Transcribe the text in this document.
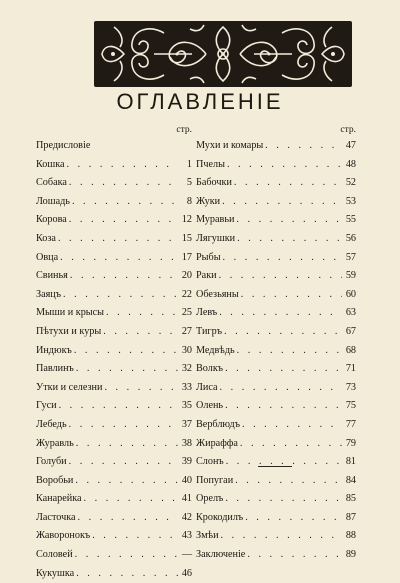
ОГЛАВЛЕНІЕ
стр.
Предисловіе
Кошка . . .	1
Собака . . .	5
Лошадь . . .	8
Корова . . .	12
Коза . . .	15
Овца . . .	17
Свинья . . .	20
Заяцъ . . .	22
Мыши и крысы . . .	25
Пѣтухи и куры . . .	27
Индюкъ . . .	30
Павлинъ . . .	32
Утки и селезни . . .	33
Гуси . . .	35
Лебедь . . .	37
Журавль . . .	38
Голуби . . .	39
Воробьи . . .	40
Канарейка . . .	41
Ласточка . . .	42
Жаворонокъ . . .	43
Соловей . . .	—
Кукушка . . .	46
стр.
Мухи и комары . . .	47
Пчелы . . .	48
Бабочки . . .	52
Жуки . . .	53
Муравьи . . .	55
Лягушки . . .	56
Рыбы . . .	57
Раки . . .	59
Обезьяны . . .	60
Левъ . . .	63
Тигръ . . .	67
Медвѣдь . . .	68
Волкъ . . .	71
Лиса . . .	73
Олень . . .	75
Верблюдъ . . .	77
Жираффа . . .	79
Слонъ . . .	81
Попугаи . . .	84
Орелъ . . .	85
Крокодилъ . . .	87
Змѣи . . .	88
Заключеніе . . .	89
